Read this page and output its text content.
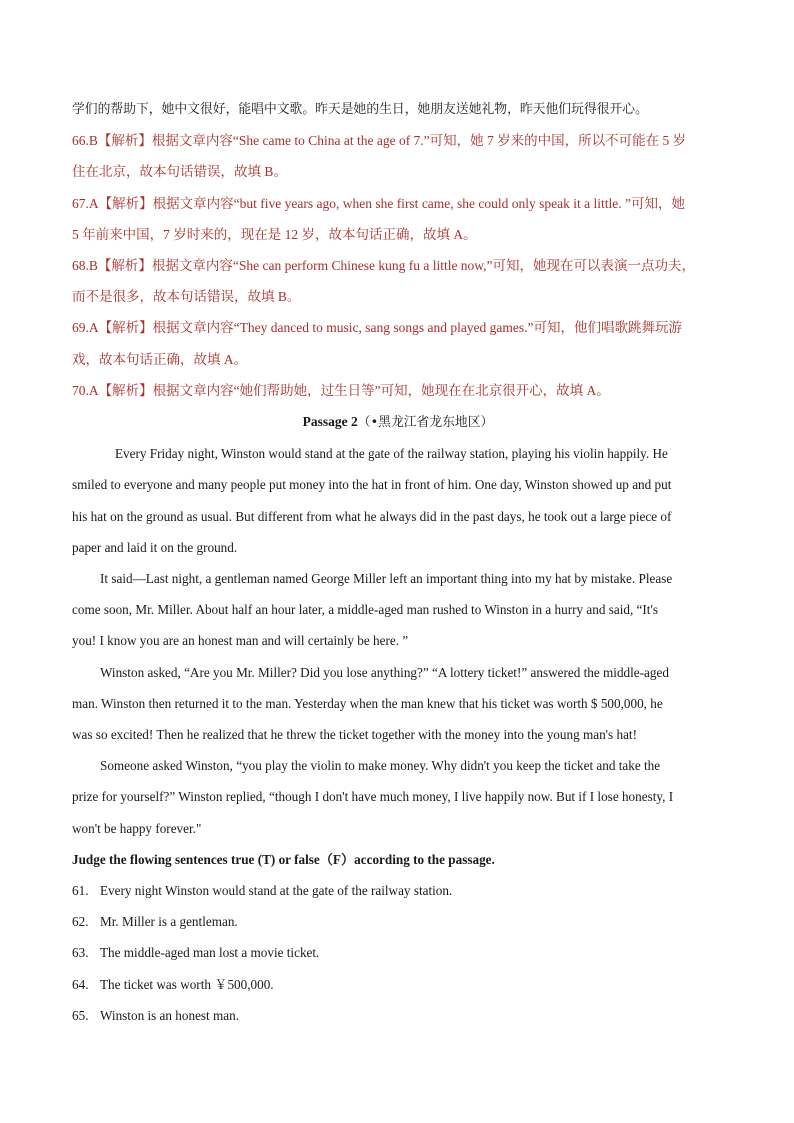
学们的帮助下，她中文很好，能唱中文歌。昨天是她的生日，她朋友送她礼物，昨天他们玩得很开心。
66.B【解析】根据文章内容“She came to China at the age of 7.”可知，她 7 岁来的中国，所以不可能在 5 岁
住在北京，故本句话错误，故填 B。
67.A【解析】根据文章内容“but five years ago, when she first came, she could only speak it a little. ”可知，她
5 年前来中国，7 岁时来的，现在是 12 岁，故本句话正确，故填 A。
68.B【解析】根据文章内容“She can perform Chinese kung fu a little now,”可知，她现在可以表演一点功夫，
而不是很多，故本句话错误，故填 B。
69.A【解析】根据文章内容“They danced to music, sang songs and played games.”可知，他们唱歌跳舞玩游
戏，故本句话正确，故填 A。
70.A【解析】根据文章内容“她们帮助她，过生日等”可知，她现在在北京很开心，故填 A。
Passage 2（•黑龙江省龙东地区）
Every Friday night, Winston would stand at the gate of the railway station, playing his violin happily. He
smiled to everyone and many people put money into the hat in front of him. One day, Winston showed up and put
his hat on the ground as usual. But different from what he always did in the past days, he took out a large piece of
paper and laid it on the ground.
It said—Last night, a gentleman named George Miller left an important thing into my hat by mistake. Please
come soon, Mr. Miller. About half an hour later, a middle-aged man rushed to Winston in a hurry and said, “It's
you! I know you are an honest man and will certainly be here. ”
Winston asked, “Are you Mr. Miller? Did you lose anything?” “A lottery ticket!” answered the middle-aged
man. Winston then returned it to the man. Yesterday when the man knew that his ticket was worth $ 500,000, he
was so excited! Then he realized that he threw the ticket together with the money into the young man's hat!
Someone asked Winston, “you play the violin to make money. Why didn't you keep the ticket and take the
prize for yourself?” Winston replied, “though I don't have much money, I live happily now. But if I lose honesty, I
won't be happy forever."
Judge the flowing sentences true (T) or false（F）according to the passage.
61. Every night Winston would stand at the gate of the railway station.
62. Mr. Miller is a gentleman.
63. The middle-aged man lost a movie ticket.
64. The ticket was worth ￥500,000.
65. Winston is an honest man.
